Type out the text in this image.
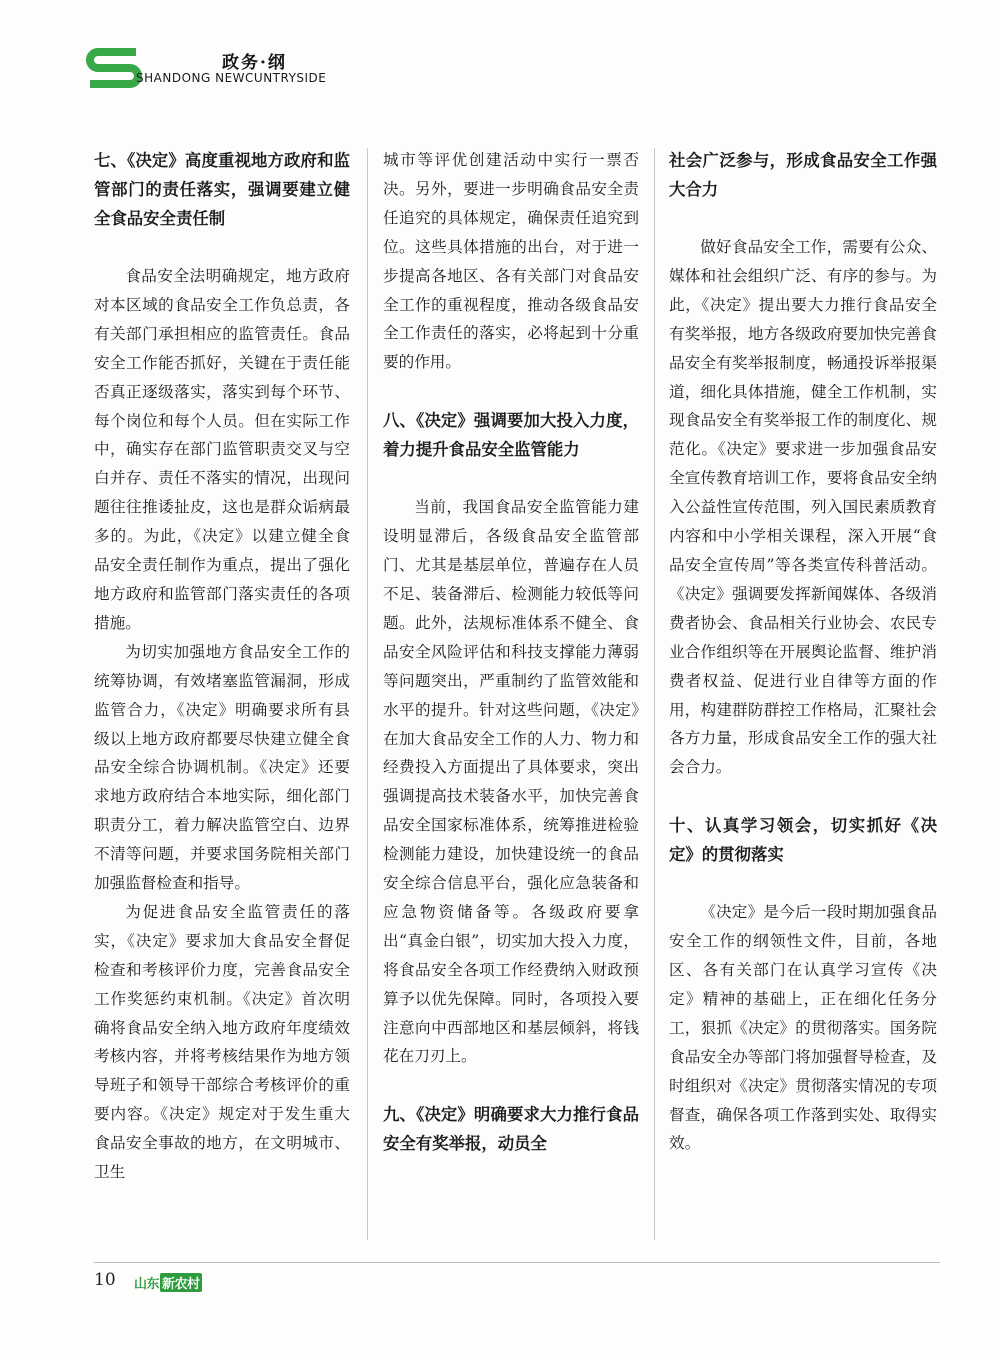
政务·纲
SHANDONG NEWCUNTRYSIDE

七、《决定》高度重视地方政府和监管部门的责任落实，强调要建立健全食品安全责任制

食品安全法明确规定，地方政府对本区域的食品安全工作负总责，各有关部门承担相应的监管责任。食品安全工作能否抓好，关键在于责任能否真正逐级落实，落实到每个环节、每个岗位和每个人员。但在实际工作中，确实存在部门监管职责交叉与空白并存、责任不落实的情况，出现问题往往推诿扯皮，这也是群众诟病最多的。为此，《决定》以建立健全食品安全责任制作为重点，提出了强化地方政府和监管部门落实责任的各项措施。

为切实加强地方食品安全工作的统筹协调，有效堵塞监管漏洞，形成监管合力，《决定》明确要求所有县级以上地方政府都要尽快建立健全食品安全综合协调机制。《决定》还要求地方政府结合本地实际，细化部门职责分工，着力解决监管空白、边界不清等问题，并要求国务院相关部门加强监督检查和指导。

为促进食品安全监管责任的落实，《决定》要求加大食品安全督促检查和考核评价力度，完善食品安全工作奖惩约束机制。《决定》首次明确将食品安全纳入地方政府年度绩效考核内容，并将考核结果作为地方领导班子和领导干部综合考核评价的重要内容。《决定》规定对于发生重大食品安全事故的地方，在文明城市、卫生

城市等评优创建活动中实行一票否决。另外，要进一步明确食品安全责任追究的具体规定，确保责任追究到位。这些具体措施的出台，对于进一步提高各地区、各有关部门对食品安全工作的重视程度，推动各级食品安全工作责任的落实，必将起到十分重要的作用。

八、《决定》强调要加大投入力度，着力提升食品安全监管能力

当前，我国食品安全监管能力建设明显滞后，各级食品安全监管部门、尤其是基层单位，普遍存在人员不足、装备滞后、检测能力较低等问题。此外，法规标准体系不健全、食品安全风险评估和科技支撑能力薄弱等问题突出，严重制约了监管效能和水平的提升。针对这些问题，《决定》在加大食品安全工作的人力、物力和经费投入方面提出了具体要求，突出强调提高技术装备水平，加快完善食品安全国家标准体系，统筹推进检验检测能力建设，加快建设统一的食品安全综合信息平台，强化应急装备和应急物资储备等。各级政府要拿出“真金白银”，切实加大投入力度，将食品安全各项工作经费纳入财政预算予以优先保障。同时，各项投入要注意向中西部地区和基层倾斜，将钱花在刀刃上。

九、《决定》明确要求大力推行食品安全有奖举报，动员全

社会广泛参与，形成食品安全工作强大合力

做好食品安全工作，需要有公众、媒体和社会组织广泛、有序的参与。为此，《决定》提出要大力推行食品安全有奖举报，地方各级政府要加快完善食品安全有奖举报制度，畅通投诉举报渠道，细化具体措施，健全工作机制，实现食品安全有奖举报工作的制度化、规范化。《决定》要求进一步加强食品安全宣传教育培训工作，要将食品安全纳入公益性宣传范围，列入国民素质教育内容和中小学相关课程，深入开展“食品安全宣传周”等各类宣传科普活动。《决定》强调要发挥新闻媒体、各级消费者协会、食品相关行业协会、农民专业合作组织等在开展舆论监督、维护消费者权益、促进行业自律等方面的作用，构建群防群控工作格局，汇聚社会各方力量，形成食品安全工作的强大社会合力。

十、认真学习领会，切实抓好《决定》的贯彻落实

《决定》是今后一段时期加强食品安全工作的纲领性文件，目前，各地区、各有关部门在认真学习宣传《决定》精神的基础上，正在细化任务分工，狠抓《决定》的贯彻落实。国务院食品安全办等部门将加强督导检查，及时组织对《决定》贯彻落实情况的专项督查，确保各项工作落到实处、取得实效。

10 山东 新农村
